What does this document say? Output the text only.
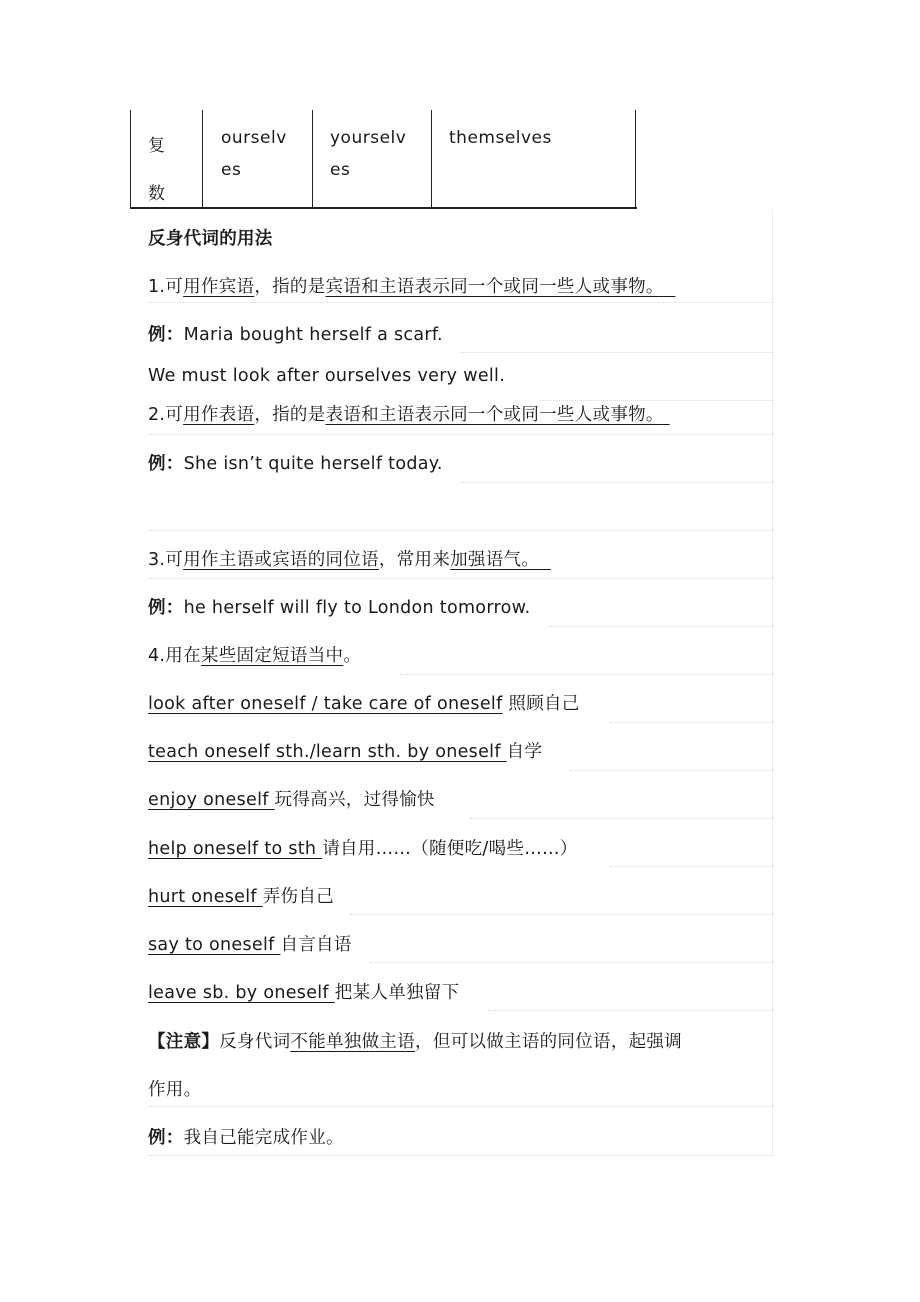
复
数
ourselv
es
yourselv
es
themselves
反身代词的用法
1.可用作宾语，指的是宾语和主语表示同一个或同一些人或事物。
例：Maria bought herself a scarf.
We must look after ourselves very well.
2.可用作表语，指的是表语和主语表示同一个或同一些人或事物。
例：She isn’t quite herself today.
3.可用作主语或宾语的同位语，常用来加强语气。
例：he herself will fly to London tomorrow.
4.用在某些固定短语当中。
look after oneself / take care of oneself 照顾自己
teach oneself sth./learn sth. by oneself 自学
enjoy oneself 玩得高兴，过得愉快
help oneself to sth 请自用……（随便吃/喝些……）
hurt oneself 弄伤自己
say to oneself 自言自语
leave sb. by oneself 把某人单独留下
【注意】反身代词不能单独做主语，但可以做主语的同位语，起强调
作用。
例：我自己能完成作业。
